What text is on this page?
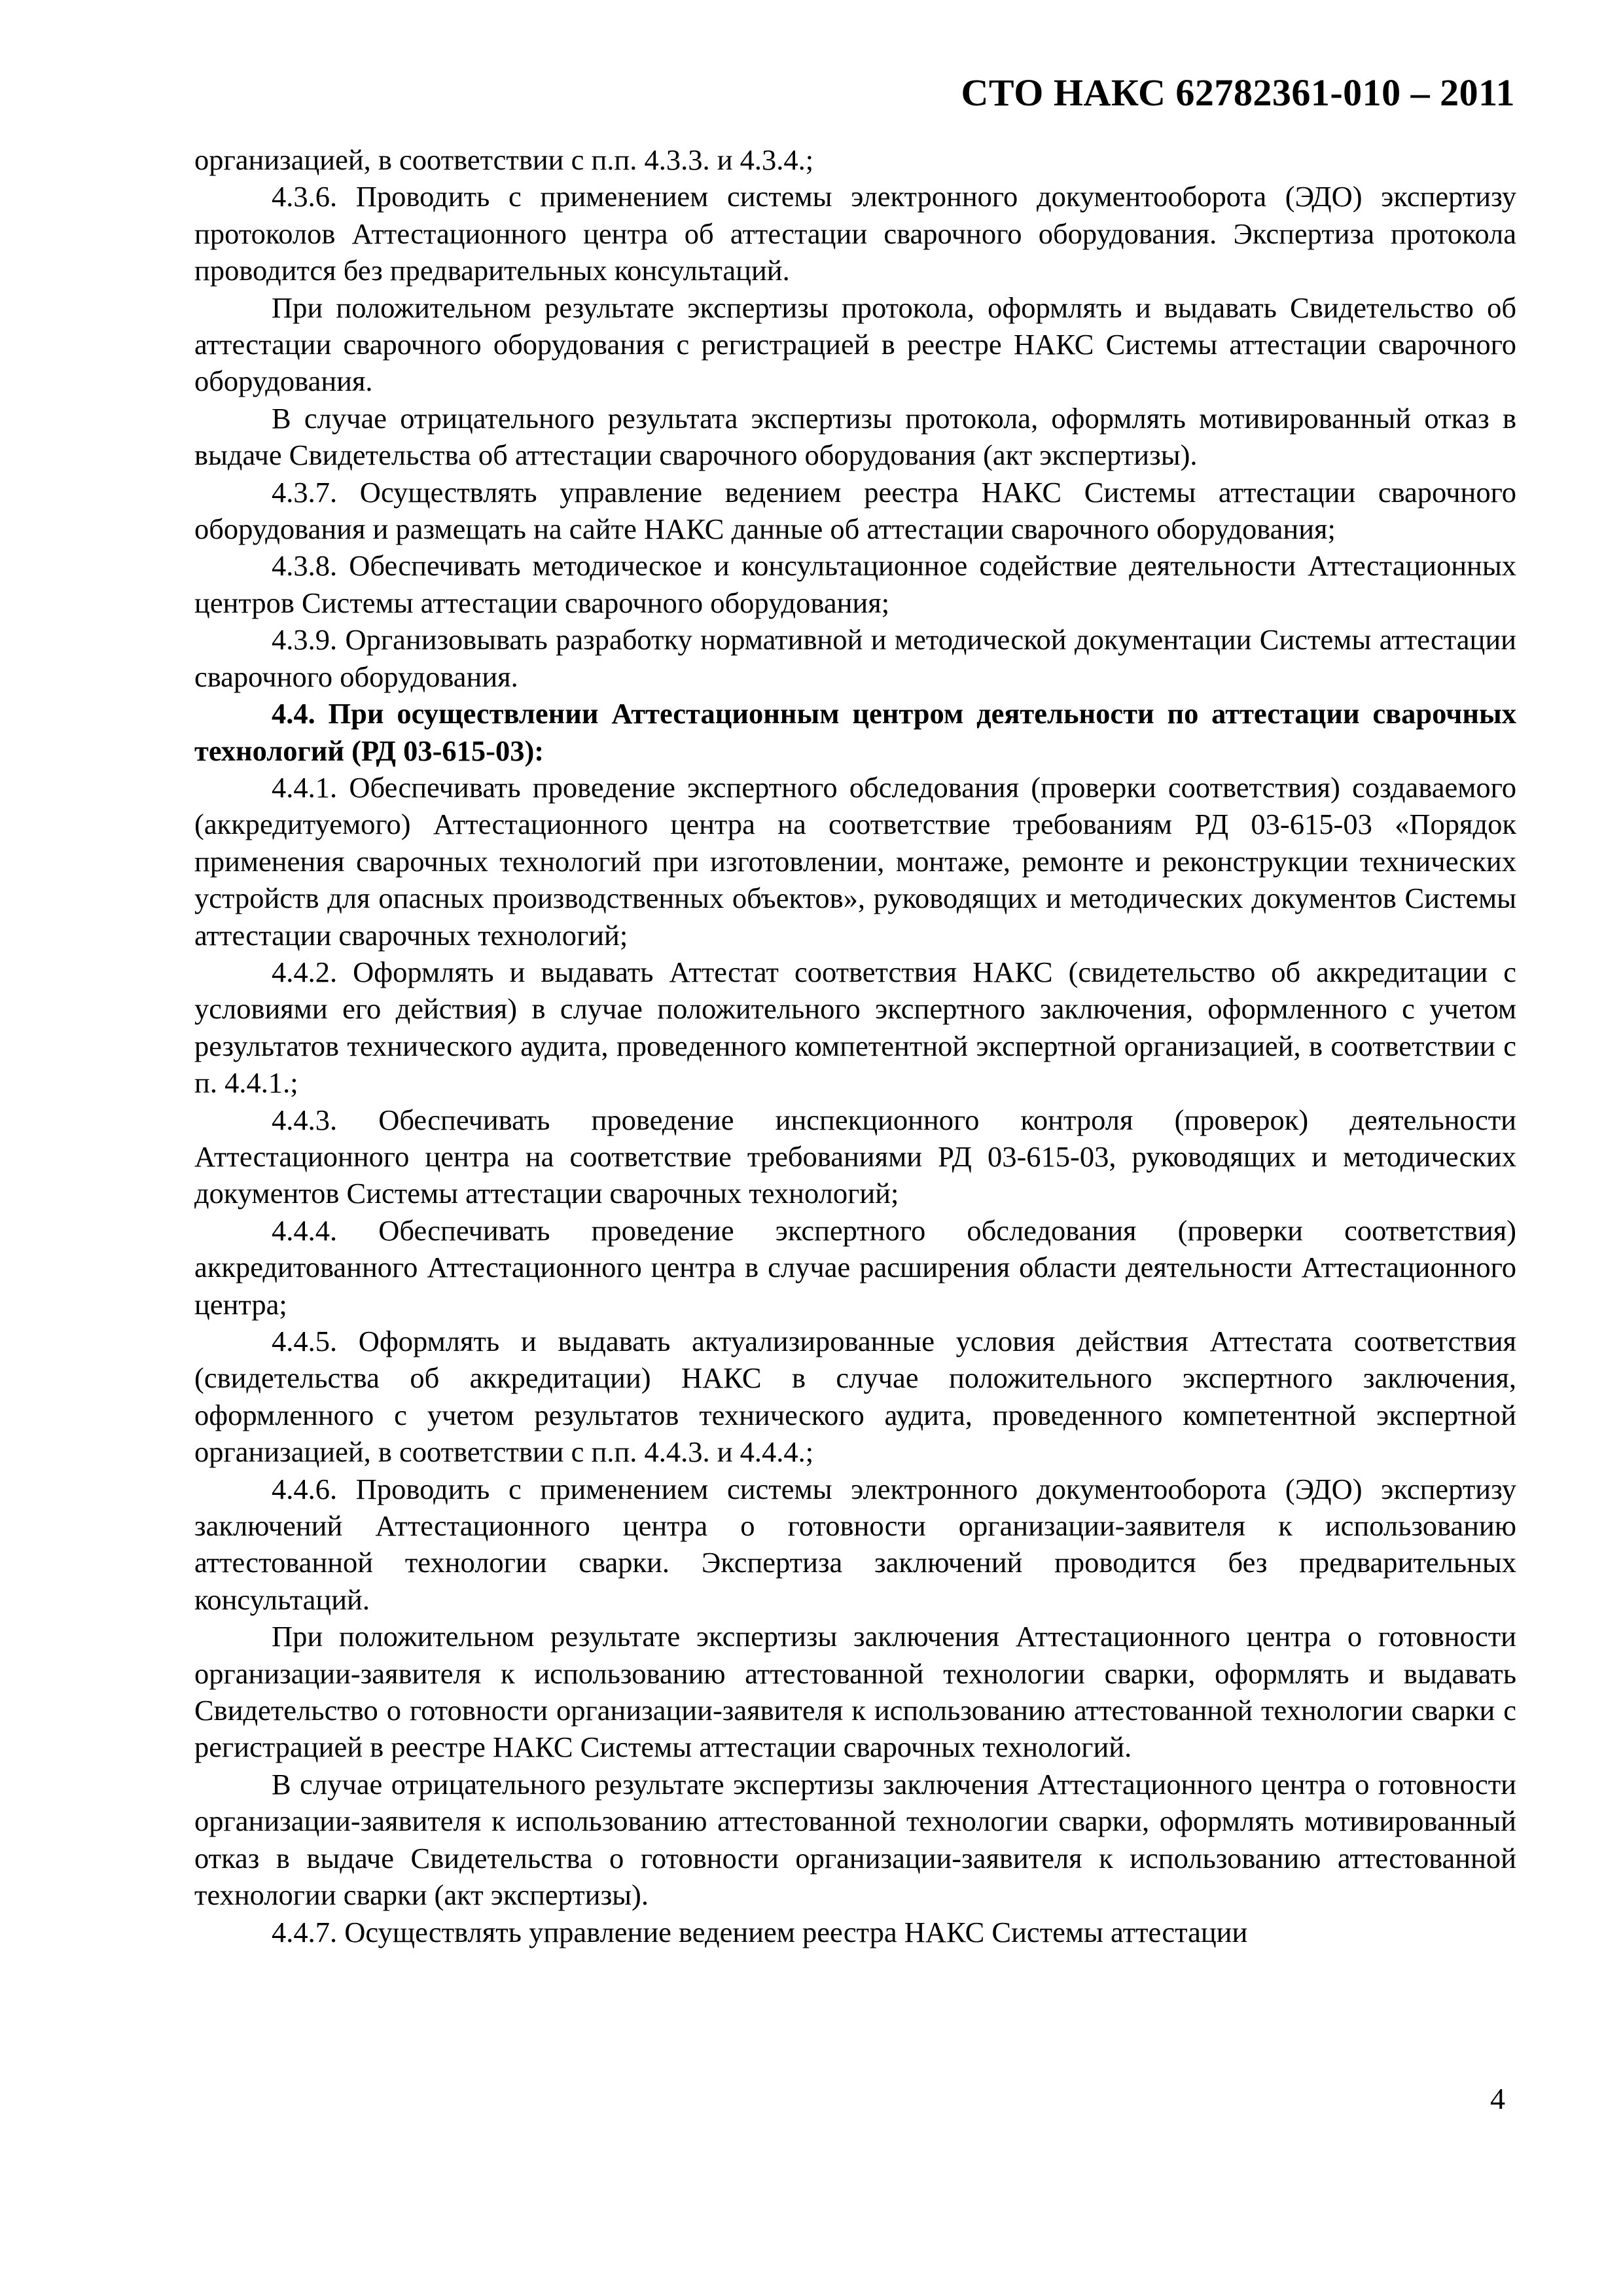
СТО НАКС 62782361-010 – 2011

организацией, в соответствии с п.п. 4.3.3. и 4.3.4.;

4.3.6. Проводить с применением системы электронного документооборота (ЭДО) экспертизу протоколов Аттестационного центра об аттестации сварочного оборудования. Экспертиза протокола проводится без предварительных консультаций.

При положительном результате экспертизы протокола, оформлять и выдавать Свидетельство об аттестации сварочного оборудования с регистрацией в реестре НАКС Системы аттестации сварочного оборудования.

В случае отрицательного результата экспертизы протокола, оформлять мотивированный отказ в выдаче Свидетельства об аттестации сварочного оборудования (акт экспертизы).

4.3.7. Осуществлять управление ведением реестра НАКС Системы аттестации сварочного оборудования и размещать на сайте НАКС данные об аттестации сварочного оборудования;

4.3.8. Обеспечивать методическое и консультационное содействие деятельности Аттестационных центров Системы аттестации сварочного оборудования;

4.3.9. Организовывать разработку нормативной и методической документации Системы аттестации сварочного оборудования.

4.4. При осуществлении Аттестационным центром деятельности по аттестации сварочных технологий (РД 03-615-03):

4.4.1. Обеспечивать проведение экспертного обследования (проверки соответствия) создаваемого (аккредитуемого) Аттестационного центра на соответствие требованиям РД 03-615-03 «Порядок применения сварочных технологий при изготовлении, монтаже, ремонте и реконструкции технических устройств для опасных производственных объектов», руководящих и методических документов Системы аттестации сварочных технологий;

4.4.2. Оформлять и выдавать Аттестат соответствия НАКС (свидетельство об аккредитации с условиями его действия) в случае положительного экспертного заключения, оформленного с учетом результатов технического аудита, проведенного компетентной экспертной организацией, в соответствии с п. 4.4.1.;

4.4.3. Обеспечивать проведение инспекционного контроля (проверок) деятельности Аттестационного центра на соответствие требованиями РД 03-615-03, руководящих и методических документов Системы аттестации сварочных технологий;

4.4.4. Обеспечивать проведение экспертного обследования (проверки соответствия) аккредитованного Аттестационного центра в случае расширения области деятельности Аттестационного центра;

4.4.5. Оформлять и выдавать актуализированные условия действия Аттестата соответствия (свидетельства об аккредитации) НАКС в случае положительного экспертного заключения, оформленного с учетом результатов технического аудита, проведенного компетентной экспертной организацией, в соответствии с п.п. 4.4.3. и 4.4.4.;

4.4.6. Проводить с применением системы электронного документооборота (ЭДО) экспертизу заключений Аттестационного центра о готовности организации-заявителя к использованию аттестованной технологии сварки. Экспертиза заключений проводится без предварительных консультаций.

При положительном результате экспертизы заключения Аттестационного центра о готовности организации-заявителя к использованию аттестованной технологии сварки, оформлять и выдавать Свидетельство о готовности организации-заявителя к использованию аттестованной технологии сварки с регистрацией в реестре НАКС Системы аттестации сварочных технологий.

В случае отрицательного результате экспертизы заключения Аттестационного центра о готовности организации-заявителя к использованию аттестованной технологии сварки, оформлять мотивированный отказ в выдаче Свидетельства о готовности организации-заявителя к использованию аттестованной технологии сварки (акт экспертизы).

4.4.7. Осуществлять управление ведением реестра НАКС Системы аттестации

4
